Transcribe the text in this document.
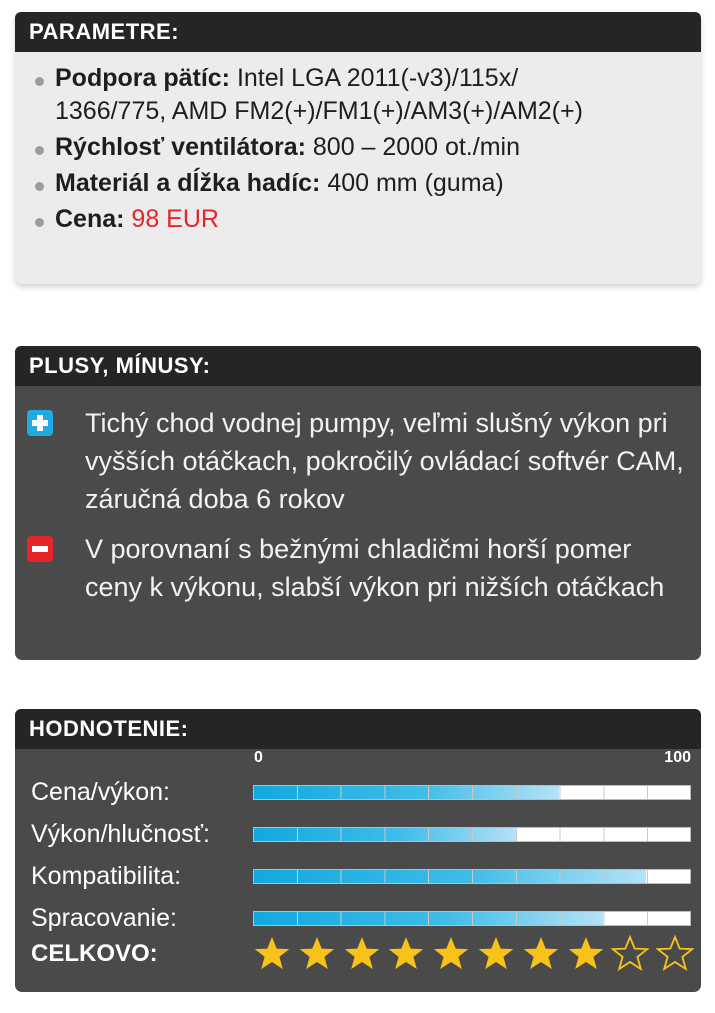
PARAMETRE:
Podpora pätíc: Intel LGA 2011(-v3)/115x/
1366/775, AMD FM2(+)/FM1(+)/AM3(+)/AM2(+)
Rýchlosť ventilátora: 800 – 2000 ot./min
Materiál a dĺžka hadíc: 400 mm (guma)
Cena: 98 EUR
PLUSY, MÍNUSY:
Tichý chod vodnej pumpy, veľmi slušný výkon pri vyšších otáčkach, pokročilý ovládací softvér CAM, záručná doba 6 rokov
V porovnaní s bežnými chladičmi horší pomer ceny k výkonu, slabší výkon pri nižších otáčkach
HODNOTENIE:
0	100
Cena/výkon:
Výkon/hlučnosť:
Kompatibilita:
Spracovanie:
CELKOVO:
